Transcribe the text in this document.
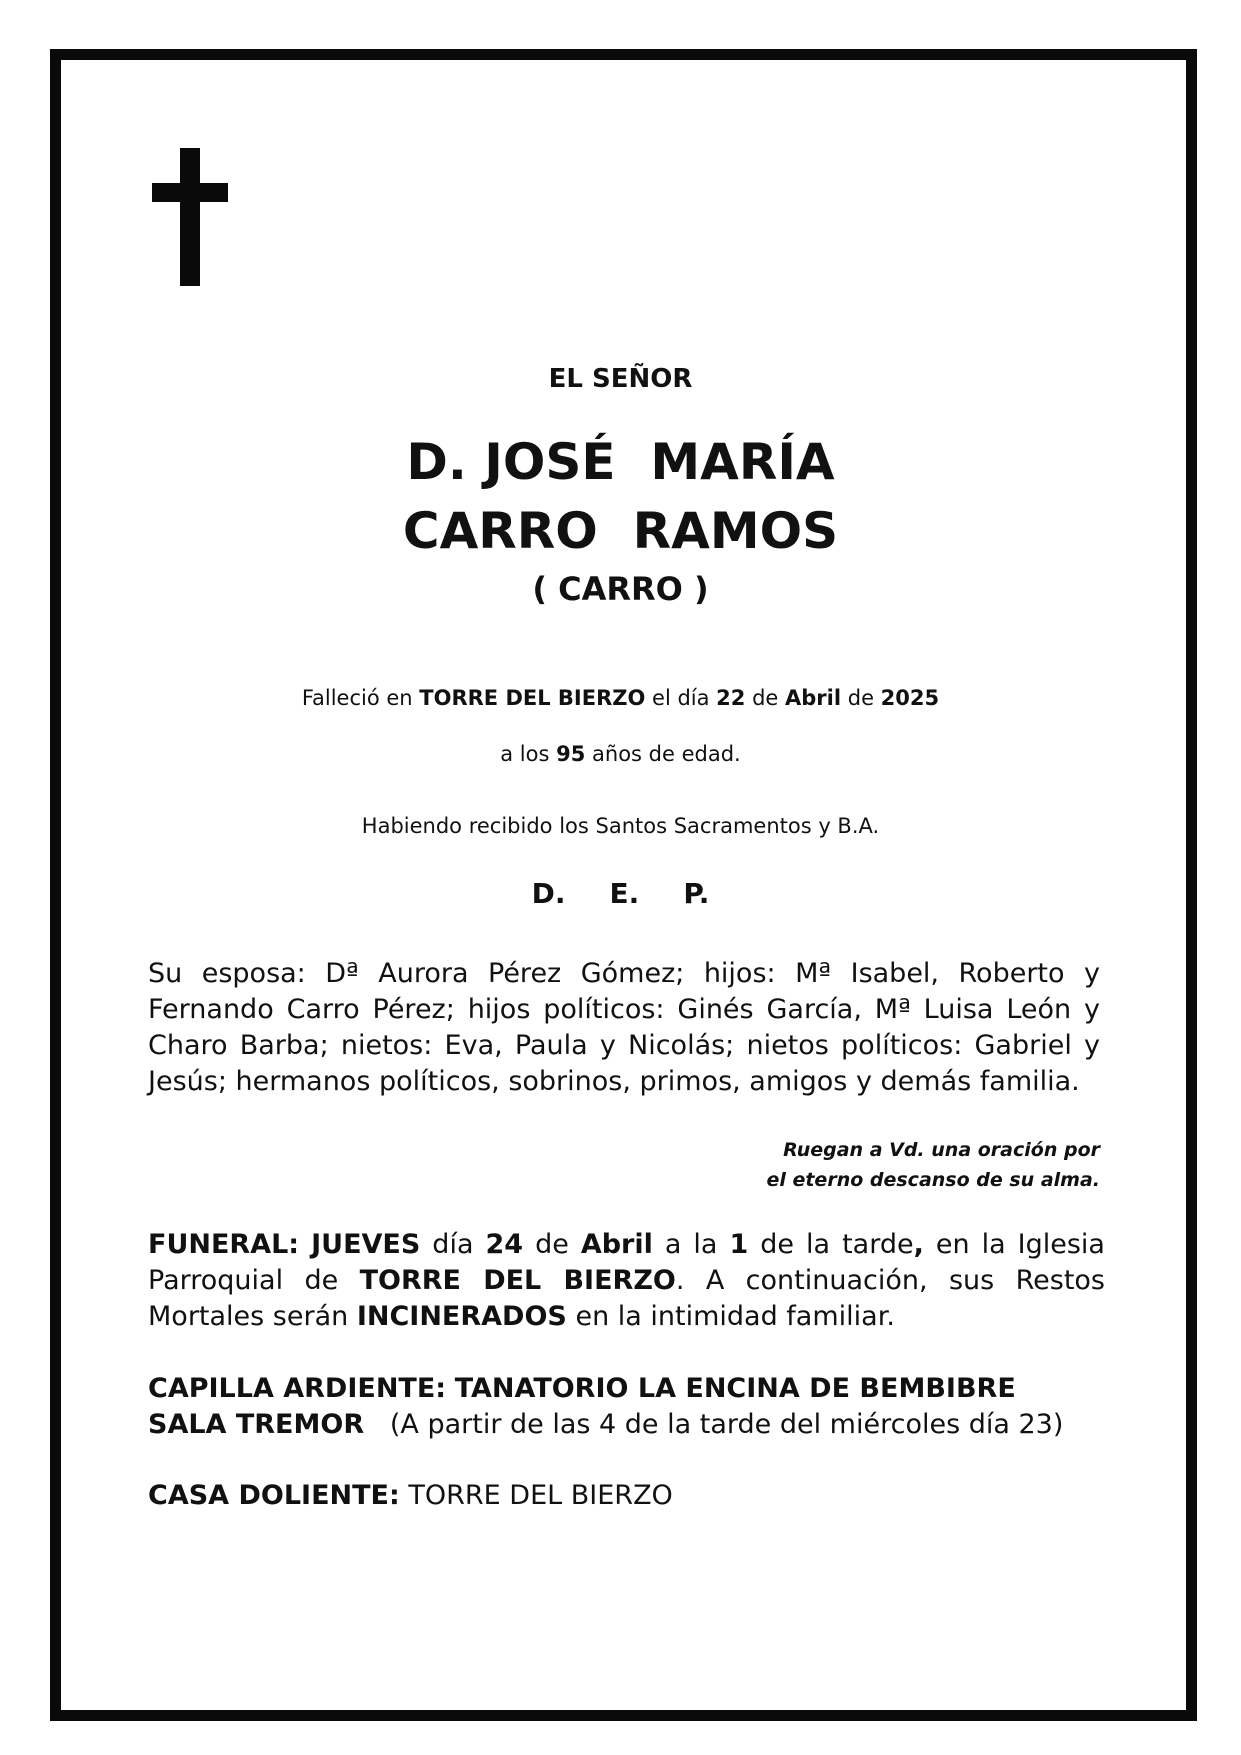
EL SEÑOR
D. JOSÉ  MARÍA
CARRO  RAMOS
( CARRO )
Falleció en TORRE DEL BIERZO el día 22 de Abril de 2025
a los 95 años de edad.
Habiendo recibido los Santos Sacramentos y B.A.
D. E. P.
Su esposa: Dª Aurora Pérez Gómez; hijos: Mª Isabel, Roberto y Fernando Carro Pérez; hijos políticos: Ginés García, Mª Luisa León y Charo Barba; nietos: Eva, Paula y Nicolás; nietos políticos: Gabriel y Jesús; hermanos políticos, sobrinos, primos, amigos y demás familia.
Ruegan a Vd. una oración por
el eterno descanso de su alma.
FUNERAL: JUEVES día 24 de Abril a la 1 de la tarde, en la Iglesia Parroquial de TORRE DEL BIERZO. A continuación, sus Restos Mortales serán INCINERADOS en la intimidad familiar.
CAPILLA ARDIENTE: TANATORIO LA ENCINA DE BEMBIBRE
SALA TREMOR (A partir de las 4 de la tarde del miércoles día 23)
CASA DOLIENTE: TORRE DEL BIERZO
